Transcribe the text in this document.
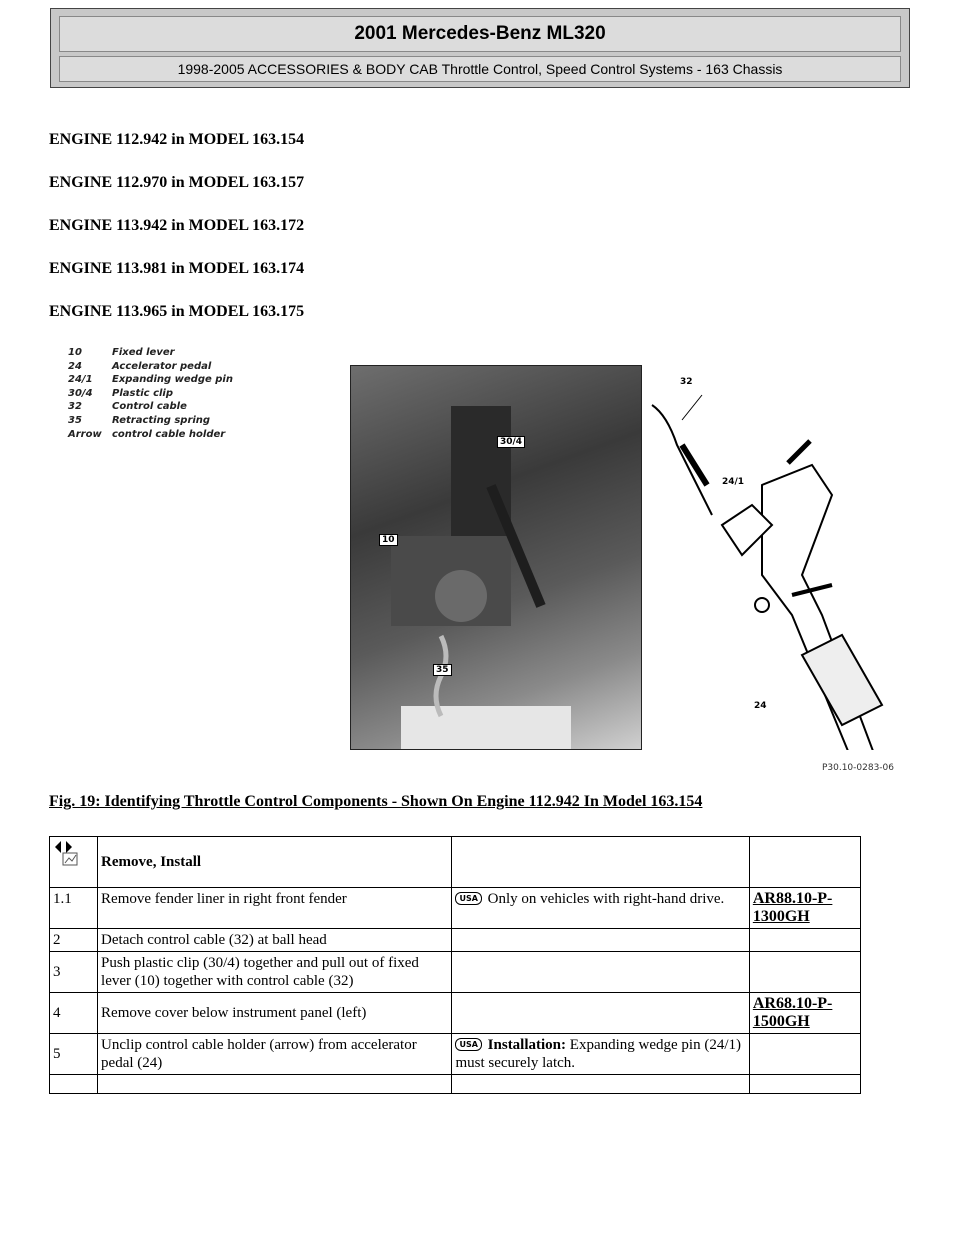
2001 Mercedes-Benz ML320
1998-2005 ACCESSORIES & BODY CAB Throttle Control, Speed Control Systems - 163 Chassis
ENGINE 112.942 in MODEL 163.154
ENGINE 112.970 in MODEL 163.157
ENGINE 113.942 in MODEL 163.172
ENGINE 113.981 in MODEL 163.174
ENGINE 113.965 in MODEL 163.175
10	Fixed lever
24	Accelerator pedal
24/1 Expanding wedge pin
30/4 Plastic clip
32	Control cable
35	Retracting spring
Arrow control cable holder
30/4
10
35
32
24/1
24
P30.10-0283-06
Fig. 19: Identifying Throttle Control Components - Shown On Engine 112.942 In Model 163.154
	Remove, Install		
1.1	Remove fender liner in right front fender	USA Only on vehicles with right-hand drive.	AR88.10-P-1300GH
2	Detach control cable (32) at ball head		
3	Push plastic clip (30/4) together and pull out of fixed lever (10) together with control cable (32)		
4	Remove cover below instrument panel (left)		AR68.10-P-1500GH
5	Unclip control cable holder (arrow) from accelerator pedal (24)	USA Installation: Expanding wedge pin (24/1) must securely latch.	
